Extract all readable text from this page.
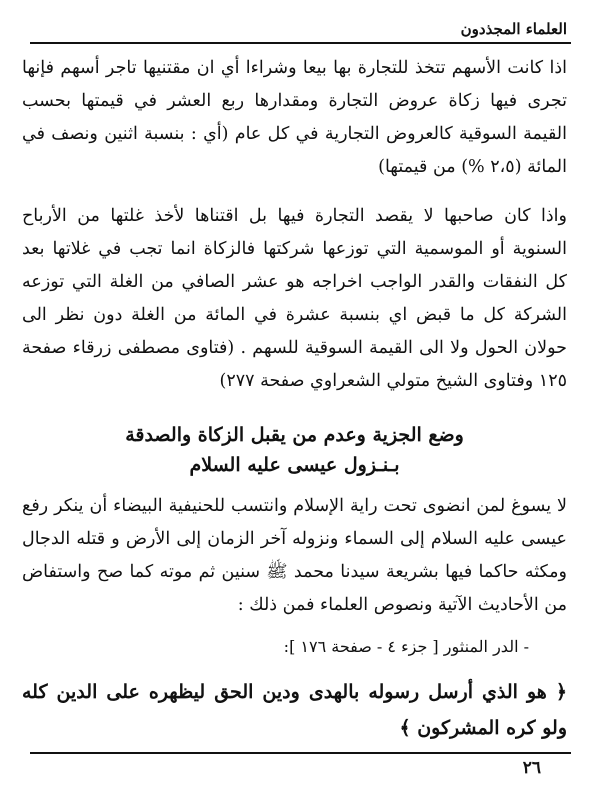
العلماء المجذدون

اذا كانت الأسهم تتخذ للتجارة بها بيعا وشراءا أي ان مقتنيها تاجر أسهم فإنها تجرى فيها زكاة عروض التجارة ومقدارها ربع العشر في قيمتها بحسب القيمة السوقية كالعروض التجارية في كل عام (أي : بنسبة اثنين ونصف في المائة (٢،٥ %) من قيمتها)

واذا كان صاحبها لا يقصد التجارة فيها بل اقتناها لأخذ غلتها من الأرباح السنوية أو الموسمية التي توزعها شركتها فالزكاة انما تجب في غلاتها بعد كل النفقات والقدر الواجب اخراجه هو عشر الصافي من الغلة التي توزعه الشركة كل ما قبض اي بنسبة عشرة في المائة من الغلة دون نظر الى حولان الحول ولا الى القيمة السوقية للسهم . (فتاوى مصطفى زرقاء صفحة ١٢٥ وفتاوى الشيخ متولي الشعراوي صفحة ٢٧٧)

وضع الجزية وعدم من يقبل الزكاة والصدقة
بـنـزول عيسى عليه السلام

لا يسوغ لمن انضوى تحت راية الإسلام وانتسب للحنيفية البيضاء أن ينكر رفع عيسى عليه السلام إلى السماء ونزوله آخر الزمان إلى الأرض و قتله الدجال ومكثه حاكما فيها بشريعة سيدنا محمد ﷺ سنين ثم موته كما صح واستفاض من الأحاديث الآتية ونصوص العلماء فمن ذلك :

- الدر المنثور [ جزء ٤ - صفحة ١٧٦ ]:

﴿ هو الذي أرسل رسوله بالهدى ودين الحق ليظهره على الدين كله ولو كره المشركون ﴾

٢٦
